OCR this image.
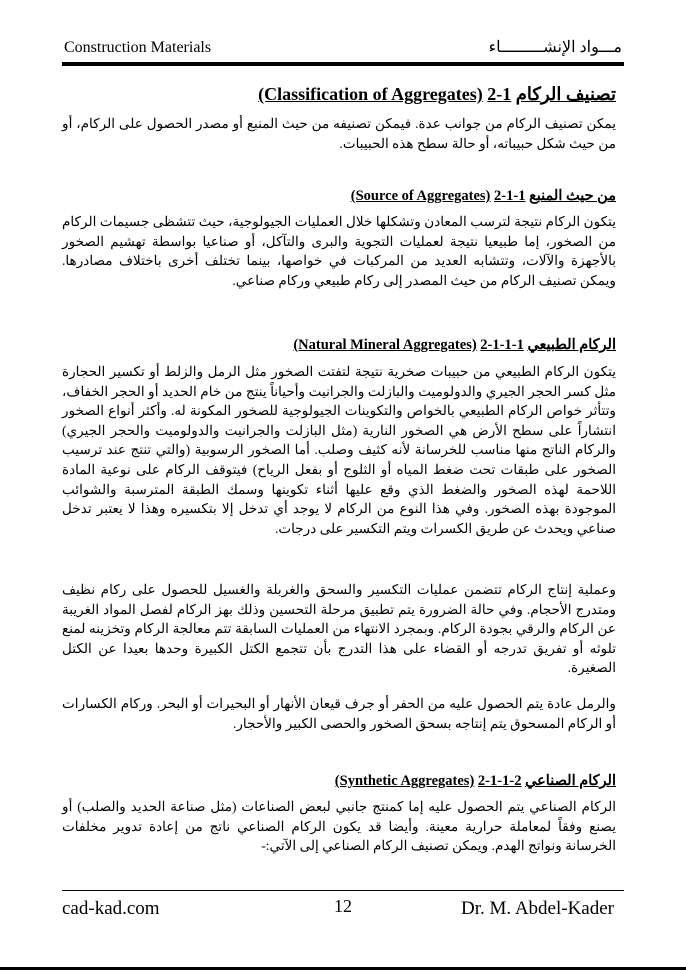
Construction Materials	مـــواد الإنشـــــــــاء
(Classification of Aggregates) تصنيف الركام 1-2
يمكن تصنيف الركام من جوانب عدة. فيمكن تصنيفه من حيث المنبع أو مصدر الحصول على الركام، أو من حيث شكل حبيباته، أو حالة سطح هذه الحبيبات.
(Source of Aggregates)	من حيث المنبع 1-1-2
يتكون الركام نتيجة لترسب المعادن وتشكلها خلال العمليات الجيولوجية، حيث تتشظى جسيمات الركام من الصخور، إما طبيعيا نتيجة لعمليات التجوية والبرى والتآكل، أو صناعيا بواسطة تهشيم الصخور بالأجهزة والآلات، وتتشابه العديد من المركبات في خواصها، بينما تختلف أخرى باختلاف مصادرها. ويمكن تصنيف الركام من حيث المصدر إلى ركام طبيعي وركام صناعي.
(Natural Mineral Aggregates)	الركام الطبيعي 1-1-1-2
يتكون الركام الطبيعي من حبيبات صخرية نتيجة لتفتت الصخور مثل الرمل والزلط أو تكسير الحجارة مثل كسر الحجر الجيري والدولوميت والبازلت والجرانيت وأحياناً ينتج من خام الحديد أو الحجر الخفاف، وتتأثر خواص الركام الطبيعي بالخواص والتكوينات الجيولوجية للصخور المكونة له. وأكثر أنواع الصخور انتشاراً على سطح الأرض هي الصخور النارية (مثل البازلت والجرانيت والدولوميت والحجر الجيري) والركام الناتج منها مناسب للخرسانة لأنه كثيف وصلب. أما الصخور الرسوبية (والتي تنتج عند ترسيب الصخور على طبقات تحت ضغط المياه أو الثلوج أو بفعل الرياح) فيتوقف الركام على نوعية المادة اللاحمة لهذه الصخور والضغط الذي وقع عليها أثناء تكوينها وسمك الطبقة المترسبة والشوائب الموجودة بهذه الصخور. وفي هذا النوع من الركام لا يوجد أي تدخل إلا بتكسيره وهذا لا يعتبر تدخل صناعي ويحدث عن طريق الكسرات ويتم التكسير على درجات.
وعملية إنتاج الركام تتضمن عمليات التكسير والسحق والغربلة والغسيل للحصول على ركام نظيف ومتدرج الأحجام. وفي حالة الضرورة يتم تطبيق مرحلة التحسين وذلك بهز الركام لفصل المواد الغريبة عن الركام والرقي بجودة الركام. وبمجرد الانتهاء من العمليات السابقة تتم معالجة الركام وتخزينه لمنع تلوثه أو تفريق تدرجه أو القضاء على هذا التدرج بأن تتجمع الكتل الكبيرة وحدها بعيدا عن الكتل الصغيرة.
والرمل عادة يتم الحصول عليه من الحفر أو جرف قيعان الأنهار أو البحيرات أو البحر. وركام الكسارات أو الركام المسحوق يتم إنتاجه بسحق الصخور والحصى الكبير والأحجار.
(Synthetic Aggregates)	الركام الصناعي 2-1-1-2
الركام الصناعي يتم الحصول عليه إما كمنتج جانبي لبعض الصناعات (مثل صناعة الحديد والصلب) أو يصنع وفقاً لمعاملة حرارية معينة. وأيضا قد يكون الركام الصناعي ناتج من إعادة تدوير مخلفات الخرسانة ونواتج الهدم. ويمكن تصنيف الركام الصناعي إلى الآتي:-
cad-kad.com	12	Dr. M. Abdel-Kader
